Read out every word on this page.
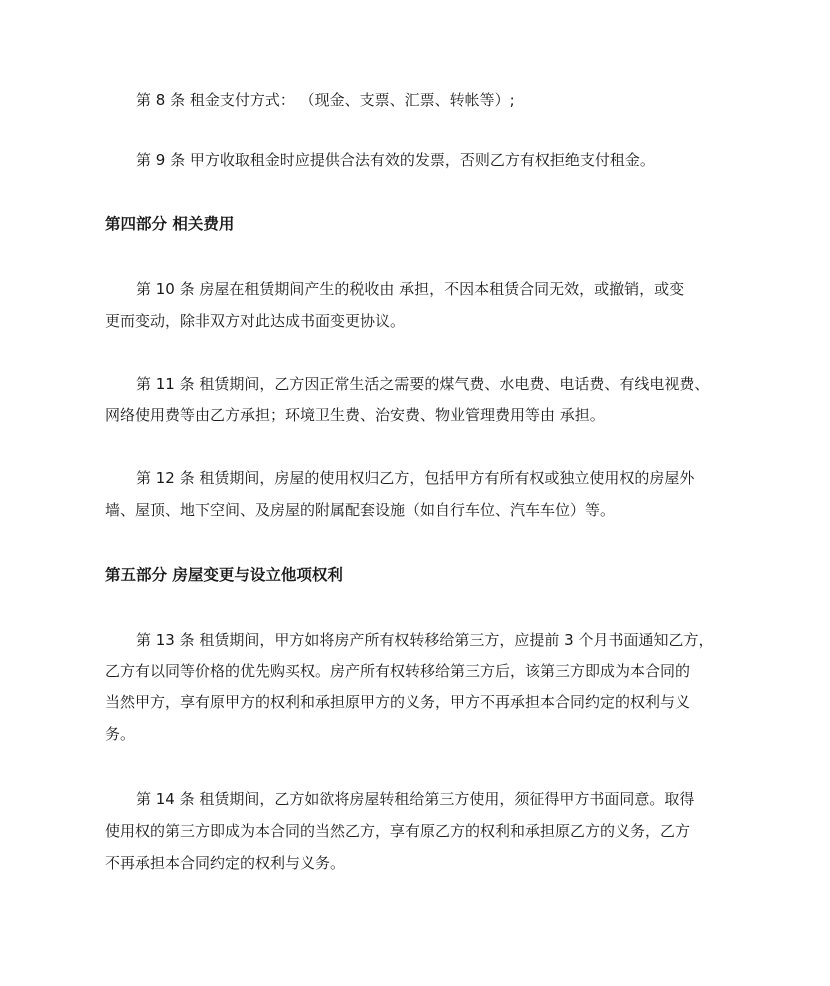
第 8 条 租金支付方式： （现金、支票、汇票、转帐等）;
第 9 条 甲方收取租金时应提供合法有效的发票，否则乙方有权拒绝支付租金。
第四部分 相关费用
第 10 条 房屋在租赁期间产生的税收由 承担，不因本租赁合同无效，或撤销，或变
更而变动，除非双方对此达成书面变更协议。
第 11 条 租赁期间，乙方因正常生活之需要的煤气费、水电费、电话费、有线电视费、
网络使用费等由乙方承担；环境卫生费、治安费、物业管理费用等由 承担。
第 12 条 租赁期间，房屋的使用权归乙方，包括甲方有所有权或独立使用权的房屋外
墙、屋顶、地下空间、及房屋的附属配套设施（如自行车位、汽车车位）等。
第五部分 房屋变更与设立他项权利
第 13 条 租赁期间，甲方如将房产所有权转移给第三方，应提前 3 个月书面通知乙方，
乙方有以同等价格的优先购买权。房产所有权转移给第三方后，该第三方即成为本合同的
当然甲方，享有原甲方的权利和承担原甲方的义务，甲方不再承担本合同约定的权利与义
务。
第 14 条 租赁期间，乙方如欲将房屋转租给第三方使用，须征得甲方书面同意。取得
使用权的第三方即成为本合同的当然乙方，享有原乙方的权利和承担原乙方的义务，乙方
不再承担本合同约定的权利与义务。
